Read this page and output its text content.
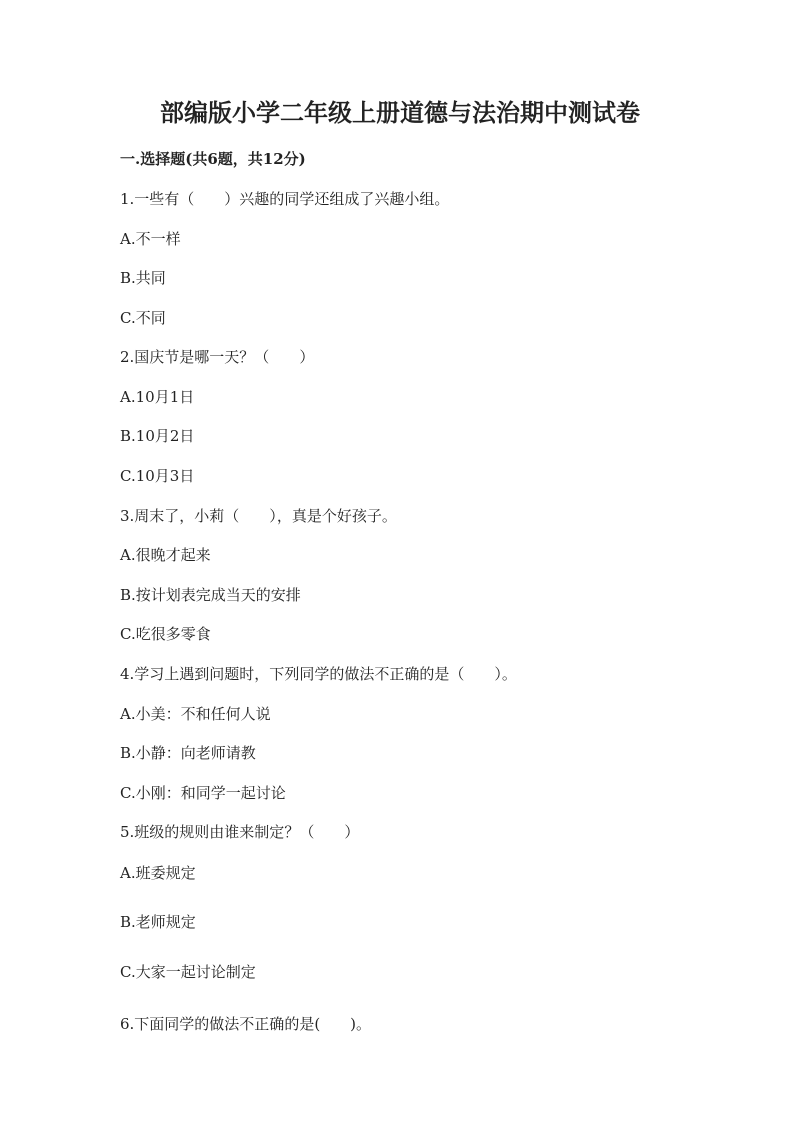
部编版小学二年级上册道德与法治期中测试卷
一.选择题(共6题，共12分)
1.一些有（　　）兴趣的同学还组成了兴趣小组。
A.不一样
B.共同
C.不同
2.国庆节是哪一天？（　　）
A.10月1日
B.10月2日
C.10月3日
3.周末了，小莉（　　），真是个好孩子。
A.很晚才起来
B.按计划表完成当天的安排
C.吃很多零食
4.学习上遇到问题时，下列同学的做法不正确的是（　　）。
A.小美：不和任何人说
B.小静：向老师请教
C.小刚：和同学一起讨论
5.班级的规则由谁来制定？（　　）
A.班委规定
B.老师规定
C.大家一起讨论制定
6.下面同学的做法不正确的是(　　)。
